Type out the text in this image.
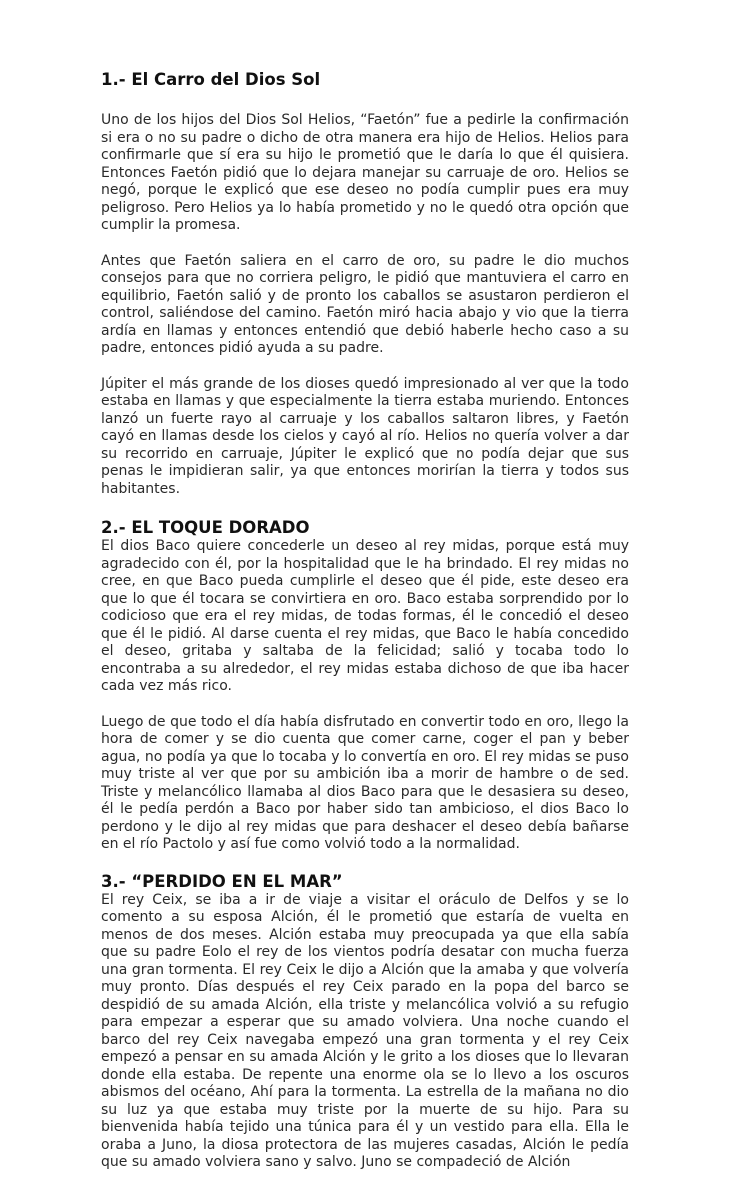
1.- El Carro del Dios Sol

Uno de los hijos del Dios Sol Helios, “Faetón” fue a pedirle la confirmación si era o no su padre o dicho de otra manera era hijo de Helios. Helios para confirmarle que sí era su hijo le prometió que le daría lo que él quisiera. Entonces Faetón pidió que lo dejara manejar su carruaje de oro. Helios se negó, porque le explicó que ese deseo no podía cumplir pues era muy peligroso. Pero Helios ya lo había prometido y no le quedó otra opción que cumplir la promesa.

Antes que Faetón saliera en el carro de oro, su padre le dio muchos consejos para que no corriera peligro, le pidió que mantuviera el carro en equilibrio, Faetón salió y de pronto los caballos se asustaron perdieron el control, saliéndose del camino. Faetón miró hacia abajo y vio que la tierra ardía en llamas y entonces entendió que debió haberle hecho caso a su padre, entonces pidió ayuda a su padre.

Júpiter el más grande de los dioses quedó impresionado al ver que la todo estaba en llamas y que especialmente la tierra estaba muriendo. Entonces lanzó un fuerte rayo al carruaje y los caballos saltaron libres, y Faetón cayó en llamas desde los cielos y cayó al río. Helios no quería volver a dar su recorrido en carruaje, Júpiter le explicó que no podía dejar que sus penas le impidieran salir, ya que entonces morirían la tierra y todos sus habitantes.

2.- EL TOQUE DORADO

El dios Baco quiere concederle un deseo al rey midas, porque está muy agradecido con él, por la hospitalidad que le ha brindado. El rey midas no cree, en que Baco pueda cumplirle el deseo que él pide, este deseo era que lo que él tocara se convirtiera en oro. Baco estaba sorprendido por lo codicioso que era el rey midas, de todas formas, él le concedió el deseo que él le pidió. Al darse cuenta el rey midas, que Baco le había concedido el deseo, gritaba y saltaba de la felicidad; salió y tocaba todo lo encontraba a su alrededor, el rey midas estaba dichoso de que iba hacer cada vez más rico.

Luego de que todo el día había disfrutado en convertir todo en oro, llego la hora de comer y se dio cuenta que comer carne, coger el pan y beber agua, no podía ya que lo tocaba y lo convertía en oro. El rey midas se puso muy triste al ver que por su ambición iba a morir de hambre o de sed. Triste y melancólico llamaba al dios Baco para que le desasiera su deseo, él le pedía perdón a Baco por haber sido tan ambicioso, el dios Baco lo perdono y le dijo al rey midas que para deshacer el deseo debía bañarse en el río Pactolo y así fue como volvió todo a la normalidad.

3.- “PERDIDO EN EL MAR”

El rey Ceix, se iba a ir de viaje a visitar el oráculo de Delfos y se lo comento a su esposa Alción, él le prometió que estaría de vuelta en menos de dos meses. Alción estaba muy preocupada ya que ella sabía que su padre Eolo el rey de los vientos podría desatar con mucha fuerza una gran tormenta. El rey Ceix le dijo a Alción que la amaba y que volvería muy pronto. Días después el rey Ceix parado en la popa del barco se despidió de su amada Alción, ella triste y melancólica volvió a su refugio para empezar a esperar que su amado volviera. Una noche cuando el barco del rey Ceix navegaba empezó una gran tormenta y el rey Ceix empezó a pensar en su amada Alción y le grito a los dioses que lo llevaran donde ella estaba. De repente una enorme ola se lo llevo a los oscuros abismos del océano, Ahí para la tormenta. La estrella de la mañana no dio su luz ya que estaba muy triste por la muerte de su hijo. Para su bienvenida había tejido una túnica para él y un vestido para ella. Ella le oraba a Juno, la diosa protectora de las mujeres casadas, Alción le pedía que su amado volviera sano y salvo. Juno se compadeció de Alción
